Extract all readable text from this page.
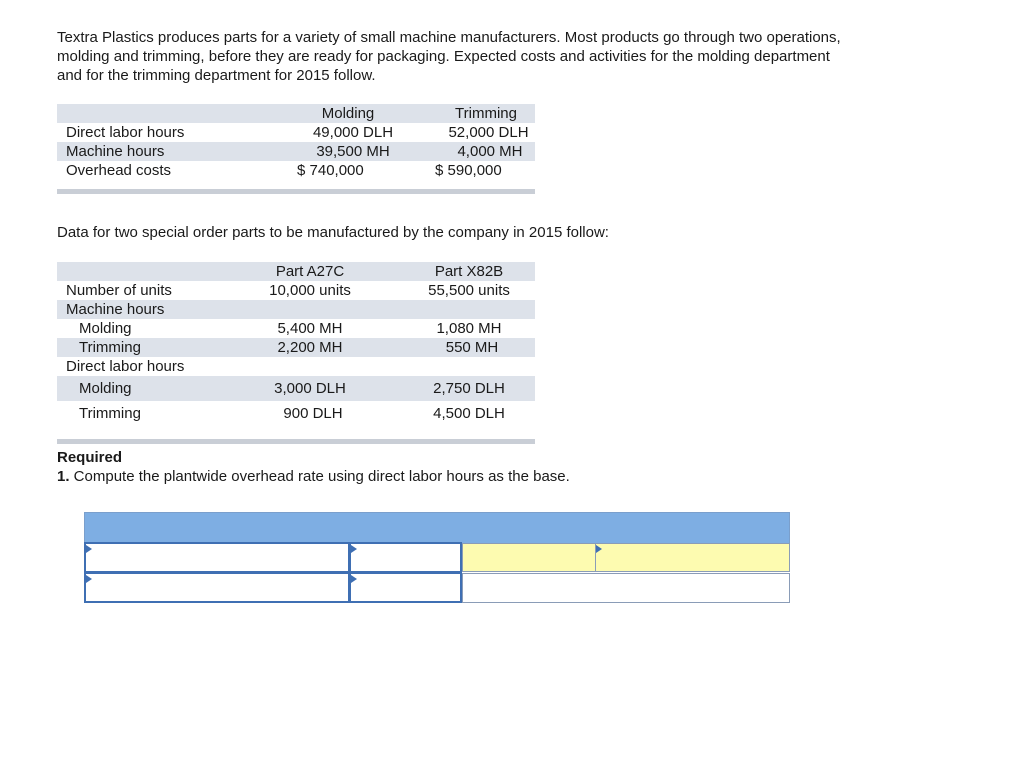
Textra Plastics produces parts for a variety of small machine manufacturers. Most products go through two operations, molding and trimming, before they are ready for packaging. Expected costs and activities for the molding department and for the trimming department for 2015 follow.
	Molding	Trimming	
Direct labor hours	49,000 DLH	52,000 DLH	
Machine hours	39,500 MH	4,000 MH	
Overhead costs	$ 740,000	$ 590,000	

Data for two special order parts to be manufactured by the company in 2015 follow:
	Part A27C	Part X82B
Number of units	10,000 units	55,500 units
Machine hours		
Molding	5,400 MH	1,080 MH
Trimming	2,200 MH	550 MH
Direct labor hours		
Molding	3,000 DLH	2,750 DLH
Trimming	900 DLH	4,500 DLH

Required
1. Compute the plantwide overhead rate using direct labor hours as the base.
